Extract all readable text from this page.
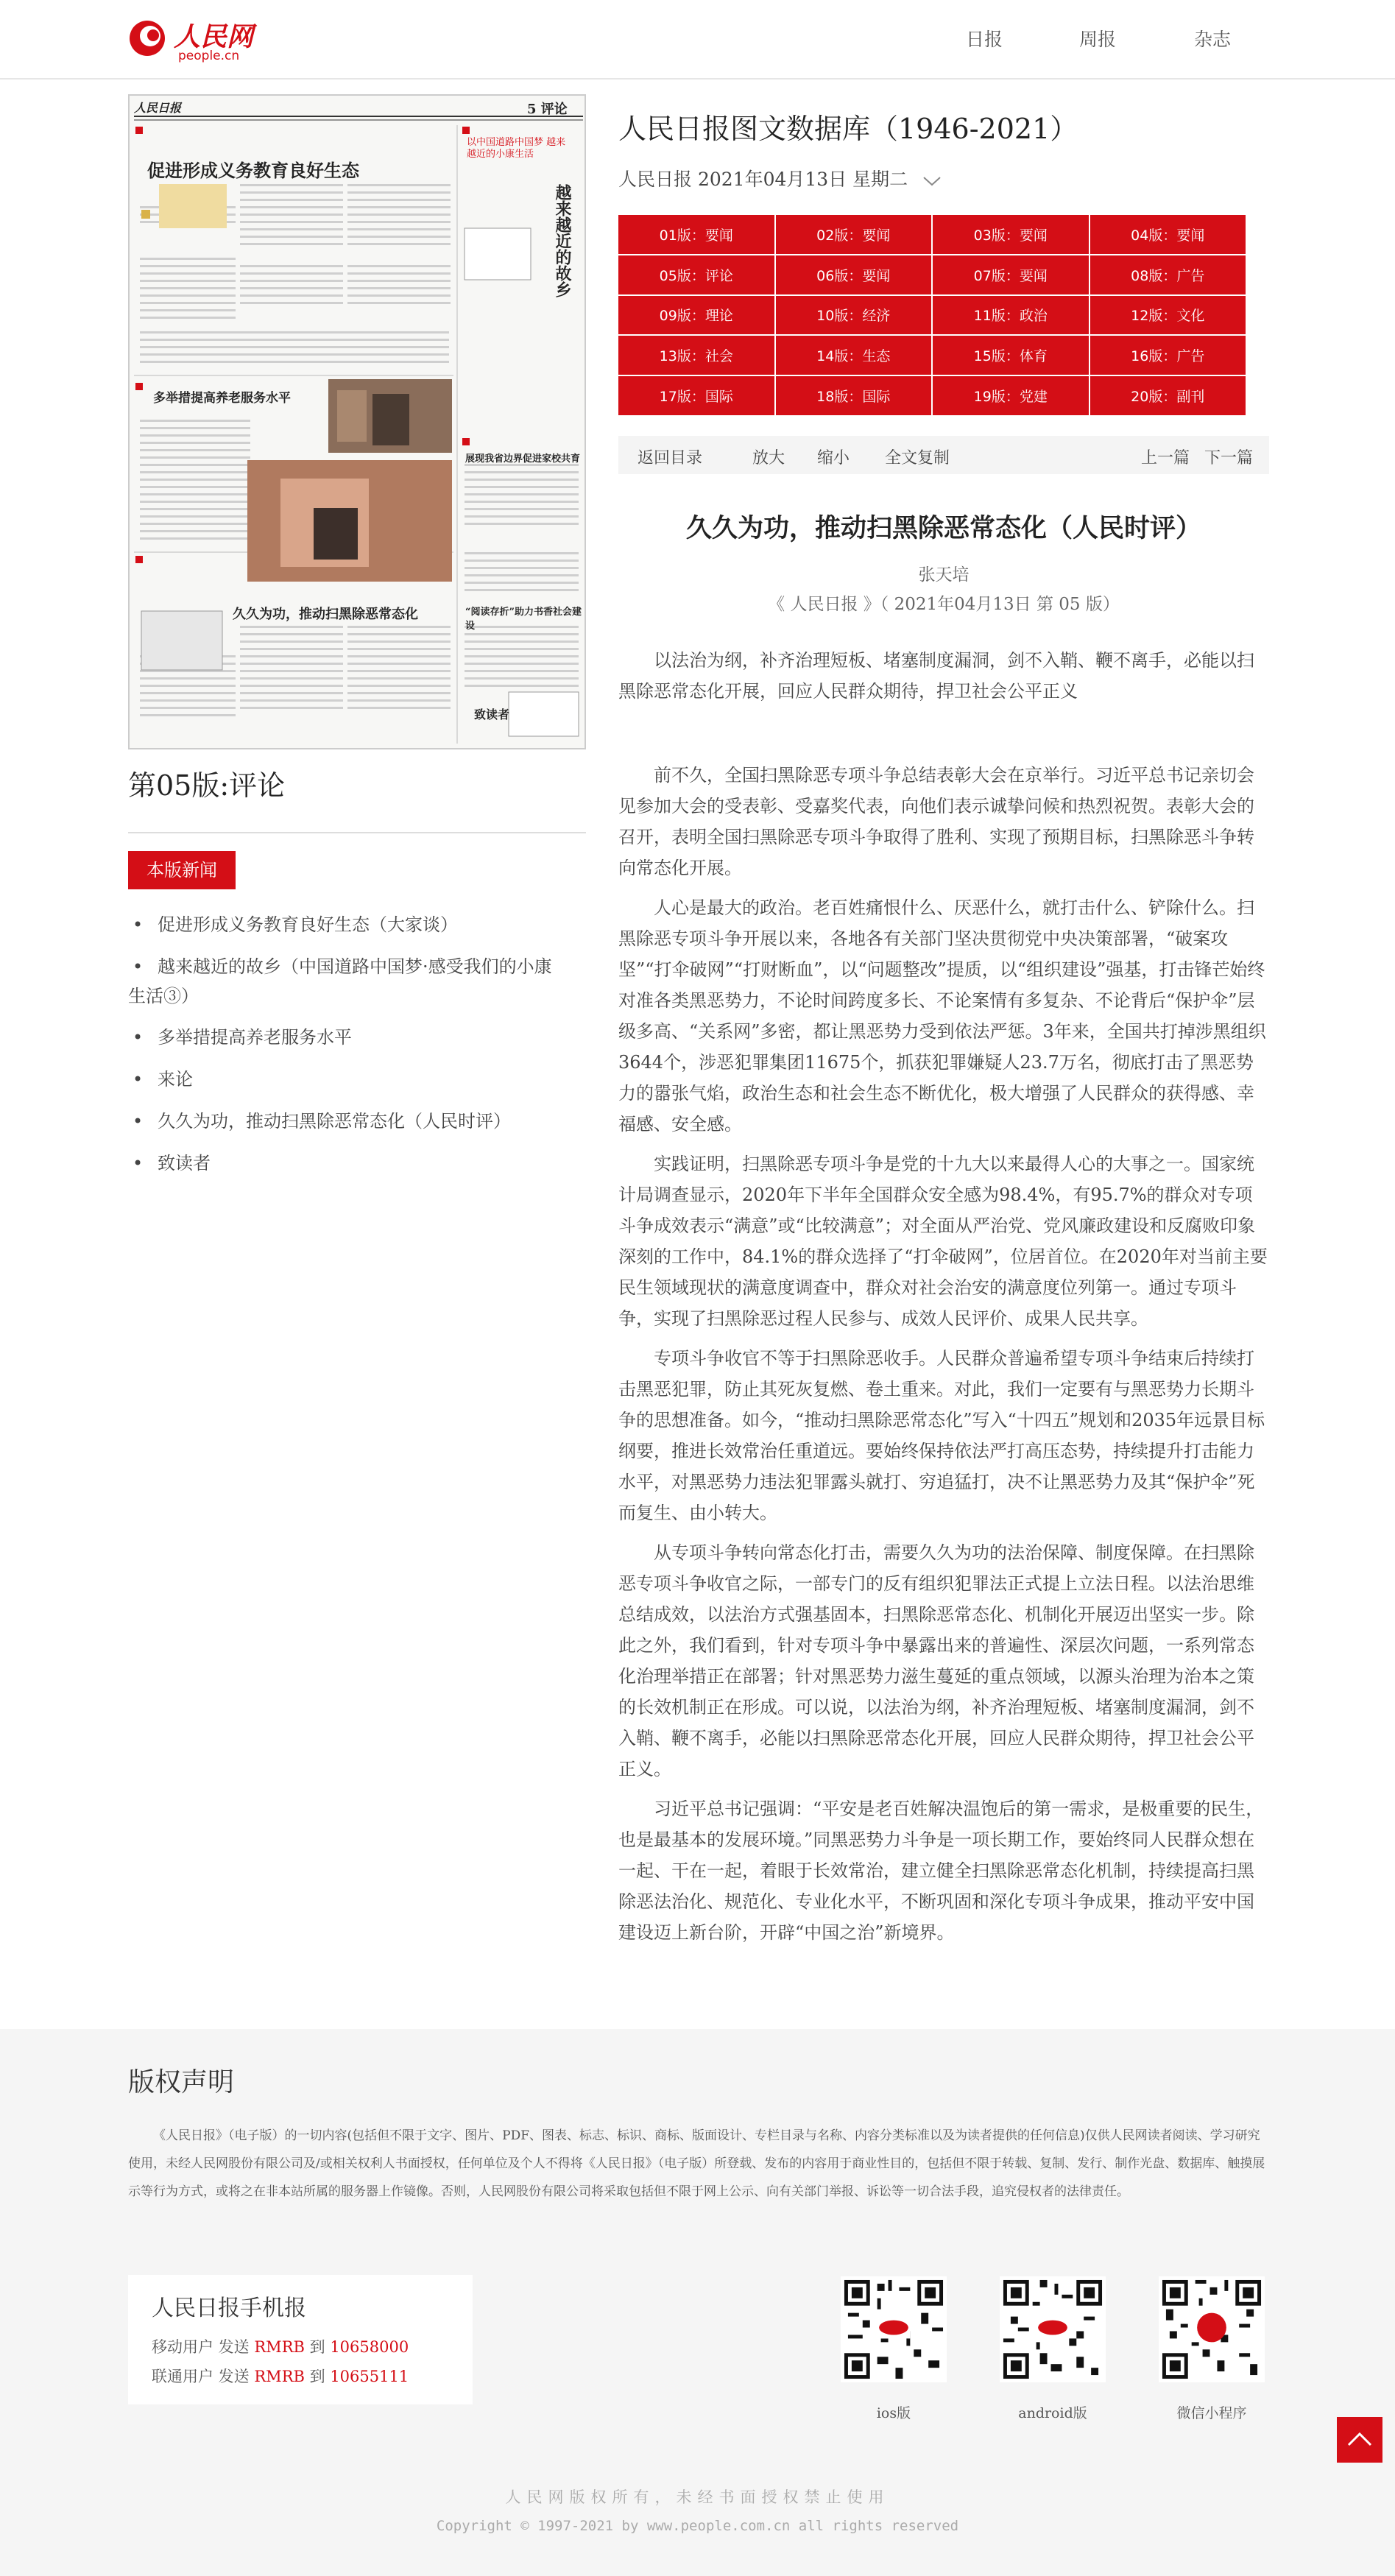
人民网
people.cn
日报	周报	杂志
人民日报	5 评论
促进形成义务教育良好生态
以中国道路中国梦 越来越近的小康生活
越来越近的故乡
多举措提高养老服务水平
展现我省边界促进家校共育
“阅读存折”助力书香社会建设
久久为功，推动扫黑除恶常态化
致读者
第05版:评论
本版新闻
• 促进形成义务教育良好生态（大家谈）
• 越来越近的故乡（中国道路中国梦·感受我们的小康
生活③）
• 多举措提高养老服务水平
• 来论
• 久久为功，推动扫黑除恶常态化（人民时评）
• 致读者
人民日报图文数据库（1946-2021）
人民日报 2021年04月13日 星期二
01版：要闻	02版：要闻	03版：要闻	04版：要闻
05版：评论	06版：要闻	07版：要闻	08版：广告
09版：理论	10版：经济	11版：政治	12版：文化
13版：社会	14版：生态	15版：体育	16版：广告
17版：国际	18版：国际	19版：党建	20版：副刊
返回目录	放大 缩小 全文复制	上一篇 下一篇
久久为功，推动扫黑除恶常态化（人民时评）
张天培
《 人民日报 》（ 2021年04月13日 第 05 版）
以法治为纲，补齐治理短板、堵塞制度漏洞，剑不入鞘、鞭不离手，必能以扫黑除恶常态化开展，回应人民群众期待，捍卫社会公平正义

前不久，全国扫黑除恶专项斗争总结表彰大会在京举行。习近平总书记亲切会见参加大会的受表彰、受嘉奖代表，向他们表示诚挚问候和热烈祝贺。表彰大会的召开，表明全国扫黑除恶专项斗争取得了胜利、实现了预期目标，扫黑除恶斗争转向常态化开展。

人心是最大的政治。老百姓痛恨什么、厌恶什么，就打击什么、铲除什么。扫黑除恶专项斗争开展以来，各地各有关部门坚决贯彻党中央决策部署，“破案攻坚”“打伞破网”“打财断血”，以“问题整改”提质，以“组织建设”强基，打击锋芒始终对准各类黑恶势力，不论时间跨度多长、不论案情有多复杂、不论背后“保护伞”层级多高、“关系网”多密，都让黑恶势力受到依法严惩。3年来，全国共打掉涉黑组织3644个，涉恶犯罪集团11675个，抓获犯罪嫌疑人23.7万名，彻底打击了黑恶势力的嚣张气焰，政治生态和社会生态不断优化，极大增强了人民群众的获得感、幸福感、安全感。

实践证明，扫黑除恶专项斗争是党的十九大以来最得人心的大事之一。国家统计局调查显示，2020年下半年全国群众安全感为98.4%，有95.7%的群众对专项斗争成效表示“满意”或“比较满意”；对全面从严治党、党风廉政建设和反腐败印象深刻的工作中，84.1%的群众选择了“打伞破网”，位居首位。在2020年对当前主要民生领域现状的满意度调查中，群众对社会治安的满意度位列第一。通过专项斗争，实现了扫黑除恶过程人民参与、成效人民评价、成果人民共享。

专项斗争收官不等于扫黑除恶收手。人民群众普遍希望专项斗争结束后持续打击黑恶犯罪，防止其死灰复燃、卷土重来。对此，我们一定要有与黑恶势力长期斗争的思想准备。如今，“推动扫黑除恶常态化”写入“十四五”规划和2035年远景目标纲要，推进长效常治任重道远。要始终保持依法严打高压态势，持续提升打击能力水平，对黑恶势力违法犯罪露头就打、穷追猛打，决不让黑恶势力及其“保护伞”死而复生、由小转大。

从专项斗争转向常态化打击，需要久久为功的法治保障、制度保障。在扫黑除恶专项斗争收官之际，一部专门的反有组织犯罪法正式提上立法日程。以法治思维总结成效，以法治方式强基固本，扫黑除恶常态化、机制化开展迈出坚实一步。除此之外，我们看到，针对专项斗争中暴露出来的普遍性、深层次问题，一系列常态化治理举措正在部署；针对黑恶势力滋生蔓延的重点领域，以源头治理为治本之策的长效机制正在形成。可以说，以法治为纲，补齐治理短板、堵塞制度漏洞，剑不入鞘、鞭不离手，必能以扫黑除恶常态化开展，回应人民群众期待，捍卫社会公平正义。

习近平总书记强调：“平安是老百姓解决温饱后的第一需求，是极重要的民生，也是最基本的发展环境。”同黑恶势力斗争是一项长期工作，要始终同人民群众想在一起、干在一起，着眼于长效常治，建立健全扫黑除恶常态化机制，持续提高扫黑除恶法治化、规范化、专业化水平，不断巩固和深化专项斗争成果，推动平安中国建设迈上新台阶，开辟“中国之治”新境界。

版权声明
《人民日报》（电子版）的一切内容(包括但不限于文字、图片、PDF、图表、标志、标识、商标、版面设计、专栏目录与名称、内容分类标准以及为读者提供的任何信息)仅供人民网读者阅读、学习研究使用，未经人民网股份有限公司及/或相关权利人书面授权，任何单位及个人不得将《人民日报》（电子版）所登载、发布的内容用于商业性目的，包括但不限于转载、复制、发行、制作光盘、数据库、触摸展示等行为方式，或将之在非本站所属的服务器上作镜像。否则，人民网股份有限公司将采取包括但不限于网上公示、向有关部门举报、诉讼等一切合法手段，追究侵权者的法律责任。
人民日报手机报

移动用户 发送 RMRB 到 10658000

联通用户 发送 RMRB 到 10655111

ios版	android版	微信小程序
人民网版权所有，未经书面授权禁止使用
Copyright © 1997-2021 by www.people.com.cn all rights reserved
